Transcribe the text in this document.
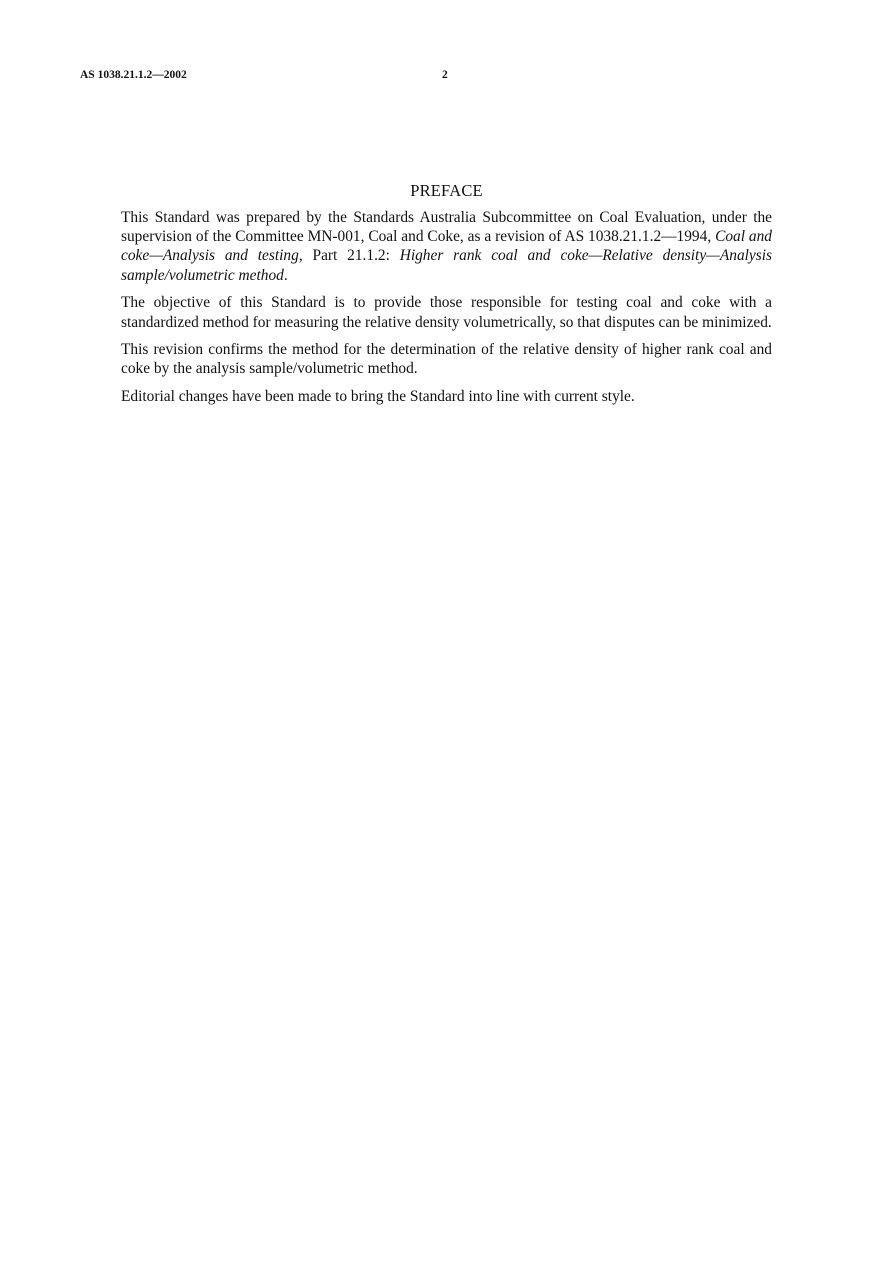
AS 1038.21.1.2—2002	2
PREFACE

This Standard was prepared by the Standards Australia Subcommittee on Coal Evaluation, under the supervision of the Committee MN-001, Coal and Coke, as a revision of AS 1038.21.1.2—1994, Coal and coke—Analysis and testing, Part 21.1.2: Higher rank coal and coke—Relative density—Analysis sample/volumetric method.

The objective of this Standard is to provide those responsible for testing coal and coke with a standardized method for measuring the relative density volumetrically, so that disputes can be minimized.

This revision confirms the method for the determination of the relative density of higher rank coal and coke by the analysis sample/volumetric method.

Editorial changes have been made to bring the Standard into line with current style.
